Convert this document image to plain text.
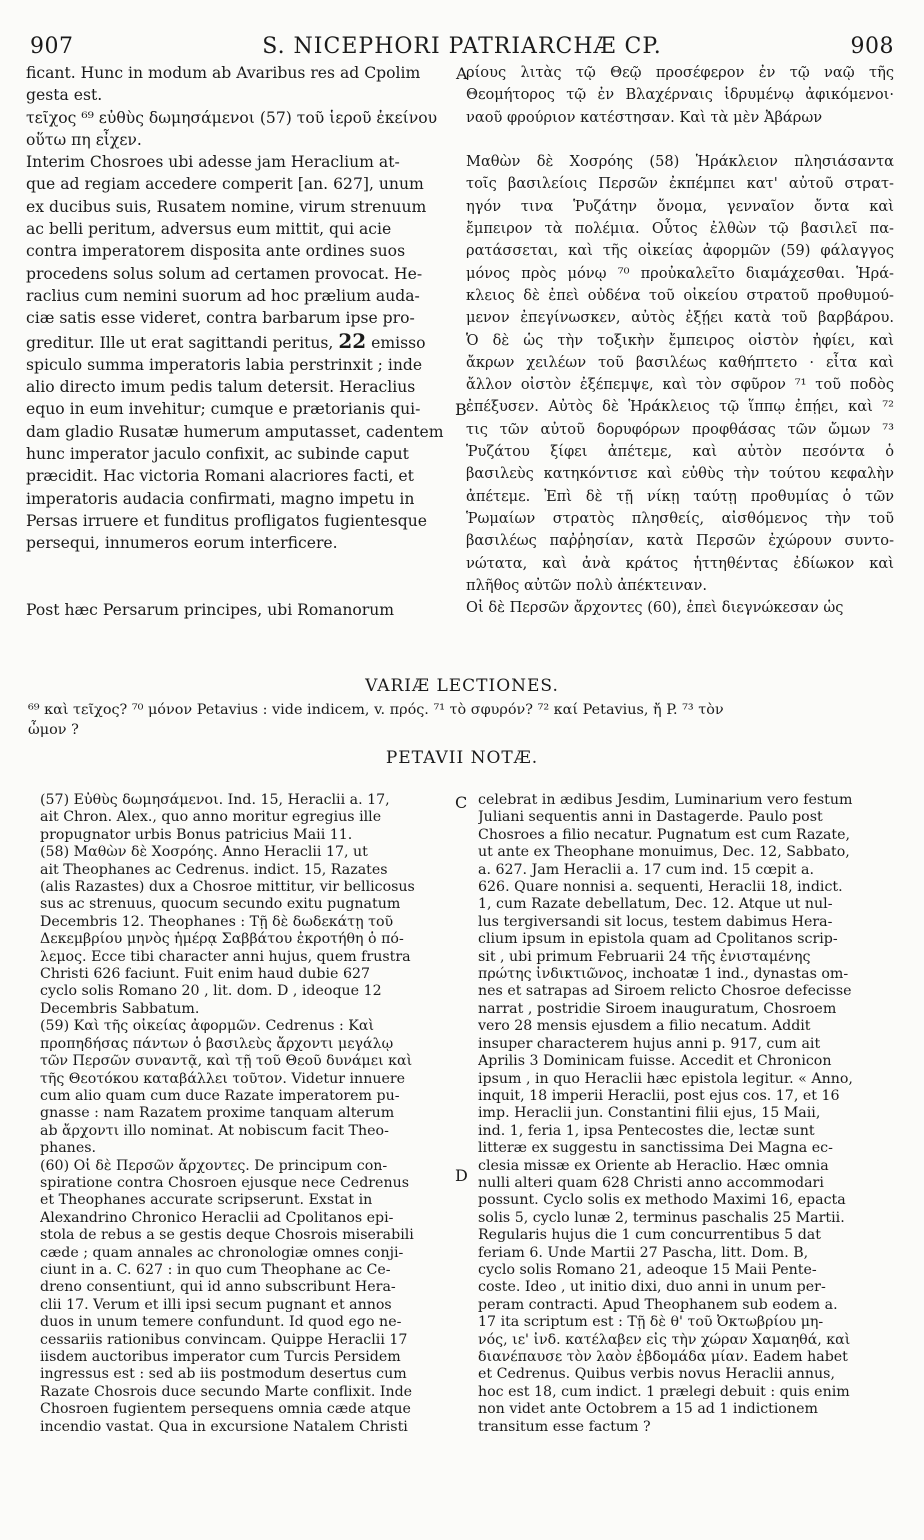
907	S. NICEPHORI PATRIARCHÆ CP.	908
A
B
C
D
ficant. Hunc in modum ab Avaribus res ad Cpolim
gesta est.
τεῖχος ⁶⁹ εὐθὺς δωμησάμενοι (57) τοῦ ἱεροῦ ἐκείνου
οὕτω πη εἶχεν.
Interim Chosroes ubi adesse jam Heraclium at-
que ad regiam accedere comperit [an. 627], unum
ex ducibus suis, Rusatem nomine, virum strenuum
ac belli peritum, adversus eum mittit, qui acie
contra imperatorem disposita ante ordines suos
procedens solus solum ad certamen provocat. He-
raclius cum nemini suorum ad hoc prælium auda-
ciæ satis esse videret, contra barbarum ipse pro-
greditur. Ille ut erat sagittandi peritus, 22 emisso
spiculo summa imperatoris labia perstrinxit ; inde
alio directo imum pedis talum detersit. Heraclius
equo in eum invehitur; cumque e prætorianis qui-
dam gladio Rusatæ humerum amputasset, cadentem
hunc imperator jaculo confixit, ac subinde caput
præcidit. Hac victoria Romani alacriores facti, et
imperatoris audacia confirmati, magno impetu in
Persas irruere et funditus profligatos fugientesque
persequi, innumeros eorum interficere.
Post hæc Persarum principes, ubi Romanorum
ρίους λιτὰς τῷ Θεῷ προσέφερον ἐν τῷ ναῷ τῆς
Θεομήτορος τῷ ἐν Βλαχέρναις ἱδρυμένῳ ἀφικόμενοι·
ναοῦ φρούριον κατέστησαν. Καὶ τὰ μὲν Ἀβάρων
Μαθὼν δὲ Χοσρόης (58) Ἡράκλειον πλησιάσαντα
τοῖς βασιλείοις Περσῶν ἐκπέμπει κατ' αὐτοῦ στρατ-
ηγόν τινα Ῥυζάτην ὄνομα, γενναῖον ὄντα καὶ
ἔμπειρον τὰ πολέμια. Οὗτος ἐλθὼν τῷ βασιλεῖ πα-
ρατάσσεται, καὶ τῆς οἰκείας ἀφορμῶν (59) φάλαγγος
μόνος πρὸς μόνῳ ⁷⁰ προὐκαλεῖτο διαμάχεσθαι. Ἡρά-
κλειος δὲ ἐπεὶ οὐδένα τοῦ οἰκείου στρατοῦ προθυμού-
μενον ἐπεγίνωσκεν, αὐτὸς ἐξῄει κατὰ τοῦ βαρβάρου.
Ὁ δὲ ὡς τὴν τοξικὴν ἔμπειρος οἰστὸν ἠφίει, καὶ
ἄκρων χειλέων τοῦ βασιλέως καθήπτετο · εἶτα καὶ
ἄλλον οἰστὸν ἐξέπεμψε, καὶ τὸν σφῦρον ⁷¹ τοῦ ποδὸς
ἐπέξυσεν. Αὐτὸς δὲ Ἡράκλειος τῷ ἵππῳ ἐπῄει, καὶ ⁷²
τις τῶν αὐτοῦ δορυφόρων προφθάσας τῶν ὤμων ⁷³
Ῥυζάτου ξίφει ἀπέτεμε, καὶ αὐτὸν πεσόντα ὁ
βασιλεὺς κατηκόντισε καὶ εὐθὺς τὴν τούτου κεφαλὴν
ἀπέτεμε. Ἐπὶ δὲ τῇ νίκῃ ταύτῃ προθυμίας ὁ τῶν
Ῥωμαίων στρατὸς πλησθείς, αἰσθόμενος τὴν τοῦ
βασιλέως παῤῥησίαν, κατὰ Περσῶν ἐχώρουν συντο-
νώτατα, καὶ ἀνὰ κράτος ἡττηθέντας ἐδίωκον καὶ
πλῆθος αὐτῶν πολὺ ἀπέκτειναν.
Οἱ δὲ Περσῶν ἄρχοντες (60), ἐπεὶ διεγνώκεσαν ὡς
VARIÆ LECTIONES.
⁶⁹ καὶ τεῖχος? ⁷⁰ μόνον Petavius : vide indicem, v. πρός. ⁷¹ τὸ σφυρόν? ⁷² καί Petavius, ἤ P. ⁷³ τὸν
ὦμον ?
PETAVII NOTÆ.
(57) Εὐθὺς δωμησάμενοι. Ind. 15, Heraclii a. 17,
ait Chron. Alex., quo anno moritur egregius ille
propugnator urbis Bonus patricius Maii 11.
(58) Μαθὼν δὲ Χοσρόης. Anno Heraclii 17, ut
ait Theophanes ac Cedrenus. indict. 15, Razates
(alis Razastes) dux a Chosroe mittitur, vir bellicosus
sus ac strenuus, quocum secundo exitu pugnatum
Decembris 12. Theophanes : Τῇ δὲ δωδεκάτῃ τοῦ
Δεκεμβρίου μηνὸς ἡμέρᾳ Σαββάτου ἐκροτήθη ὁ πό-
λεμος. Ecce tibi character anni hujus, quem frustra
Christi 626 faciunt. Fuit enim haud dubie 627
cyclo solis Romano 20 , lit. dom. D , ideoque 12
Decembris Sabbatum.
(59) Καὶ τῆς οἰκείας ἀφορμῶν. Cedrenus : Καὶ
προπηδήσας πάντων ὁ βασιλεὺς ἄρχοντι μεγάλῳ
τῶν Περσῶν συναντᾷ, καὶ τῇ τοῦ Θεοῦ δυνάμει καὶ
τῆς Θεοτόκου καταβάλλει τοῦτον. Videtur innuere
cum alio quam cum duce Razate imperatorem pu-
gnasse : nam Razatem proxime tanquam alterum
ab ἄρχοντι illo nominat. At nobiscum facit Theo-
phanes.
(60) Οἱ δὲ Περσῶν ἄρχοντες. De principum con-
spiratione contra Chosroen ejusque nece Cedrenus
et Theophanes accurate scripserunt. Exstat in
Alexandrino Chronico Heraclii ad Cpolitanos epi-
stola de rebus a se gestis deque Chosrois miserabili
cæde ; quam annales ac chronologiæ omnes conji-
ciunt in a. C. 627 : in quo cum Theophane ac Ce-
dreno consentiunt, qui id anno subscribunt Hera-
clii 17. Verum et illi ipsi secum pugnant et annos
duos in unum temere confundunt. Id quod ego ne-
cessariis rationibus convincam. Quippe Heraclii 17
iisdem auctoribus imperator cum Turcis Persidem
ingressus est : sed ab iis postmodum desertus cum
Razate Chosrois duce secundo Marte conflixit. Inde
Chosroen fugientem persequens omnia cæde atque
incendio vastat. Qua in excursione Natalem Christi
celebrat in ædibus Jesdim, Luminarium vero festum
Juliani sequentis anni in Dastagerde. Paulo post
Chosroes a filio necatur. Pugnatum est cum Razate,
ut ante ex Theophane monuimus, Dec. 12, Sabbato,
a. 627. Jam Heraclii a. 17 cum ind. 15 cœpit a.
626. Quare nonnisi a. sequenti, Heraclii 18, indict.
1, cum Razate debellatum, Dec. 12. Atque ut nul-
lus tergiversandi sit locus, testem dabimus Hera-
clium ipsum in epistola quam ad Cpolitanos scrip-
sit , ubi primum Februarii 24 τῆς ἐνισταμένης
πρώτης ἰνδικτιῶνος, inchoatæ 1 ind., dynastas om-
nes et satrapas ad Siroem relicto Chosroe defecisse
narrat , postridie Siroem inauguratum, Chosroem
vero 28 mensis ejusdem a filio necatum. Addit
insuper characterem hujus anni p. 917, cum ait
Aprilis 3 Dominicam fuisse. Accedit et Chronicon
ipsum , in quo Heraclii hæc epistola legitur. « Anno,
inquit, 18 imperii Heraclii, post ejus cos. 17, et 16
imp. Heraclii jun. Constantini filii ejus, 15 Maii,
ind. 1, feria 1, ipsa Pentecostes die, lectæ sunt
litteræ ex suggestu in sanctissima Dei Magna ec-
clesia missæ ex Oriente ab Heraclio. Hæc omnia
nulli alteri quam 628 Christi anno accommodari
possunt. Cyclo solis ex methodo Maximi 16, epacta
solis 5, cyclo lunæ 2, terminus paschalis 25 Martii.
Regularis hujus die 1 cum concurrentibus 5 dat
feriam 6. Unde Martii 27 Pascha, litt. Dom. B,
cyclo solis Romano 21, adeoque 15 Maii Pente-
coste. Ideo , ut initio dixi, duo anni in unum per-
peram contracti. Apud Theophanem sub eodem a.
17 ita scriptum est : Τῇ δὲ θ' τοῦ Ὀκτωβρίου μη-
νός, ιε' ἰνδ. κατέλαβεν εἰς τὴν χώραν Χαμαηθά, καὶ
διανέπαυσε τὸν λαὸν ἑβδομάδα μίαν. Eadem habet
et Cedrenus. Quibus verbis novus Heraclii annus,
hoc est 18, cum indict. 1 prælegi debuit : quis enim
non videt ante Octobrem a 15 ad 1 indictionem
transitum esse factum ?
